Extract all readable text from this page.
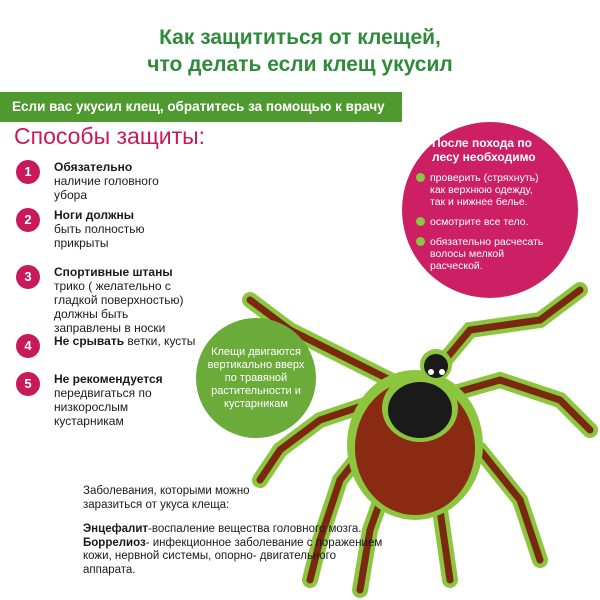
Как защититься от клещей,
что делать если клещ укусил
Если вас укусил клещ, обратитесь за помощью к врачу
Способы защиты:
1	Обязательно
наличие головного убора
2	Ноги должны
быть полностью прикрыты
3	Спортивные штаны
трико ( желательно с гладкой поверхностью) должны быть заправлены в носки
4	Не срывать ветки, кусты
5	Не рекомендуется
передвигаться по низкорослым кустарникам
После похода по лесу необходимо
проверить (стряхнуть) как верхнюю одежду, так и нижнее белье.
осмотрите все тело.
обязательно расчесать волосы мелкой расческой.
Клещи двигаются вертикально вверх по травяной растительности и кустарникам
Заболевания, которыми можно заразиться от укуса клеща:
Энцефалит-воспаление вещества головного мозга.
Боррелиоз- инфекционное заболевание с поражением кожи, нервной системы, опорно- двигательного аппарата.
